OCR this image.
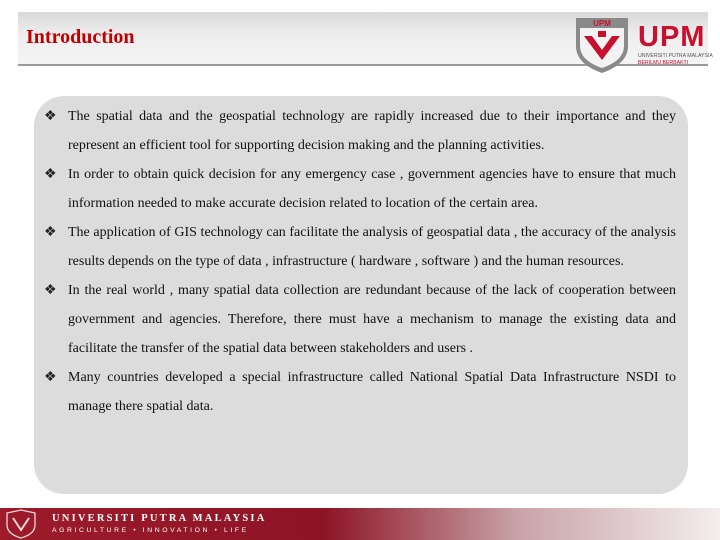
Introduction
UPM UPM
UNIVERSITI PUTRA MALAYSIA
BERILMU BERBAKTI
❖ The spatial data and the geospatial technology are rapidly increased due to their importance and they represent an efficient tool for supporting decision making and the planning activities.
❖ In order to obtain quick decision for any emergency case , government agencies have to ensure that much information needed to make accurate decision related to location of the certain area.
❖ The application of GIS technology can facilitate the analysis of geospatial data , the accuracy of the analysis results depends on the type of data , infrastructure ( hardware , software ) and the human resources.
❖ In the real world , many spatial data collection are redundant because of the lack of cooperation between government and agencies. Therefore, there must have a mechanism to manage the existing data and facilitate the transfer of the spatial data between stakeholders and users .
❖ Many countries developed a special infrastructure called National Spatial Data Infrastructure NSDI to manage there spatial data.
UNIVERSITI PUTRA MALAYSIA
AGRICULTURE • INNOVATION • LIFE
